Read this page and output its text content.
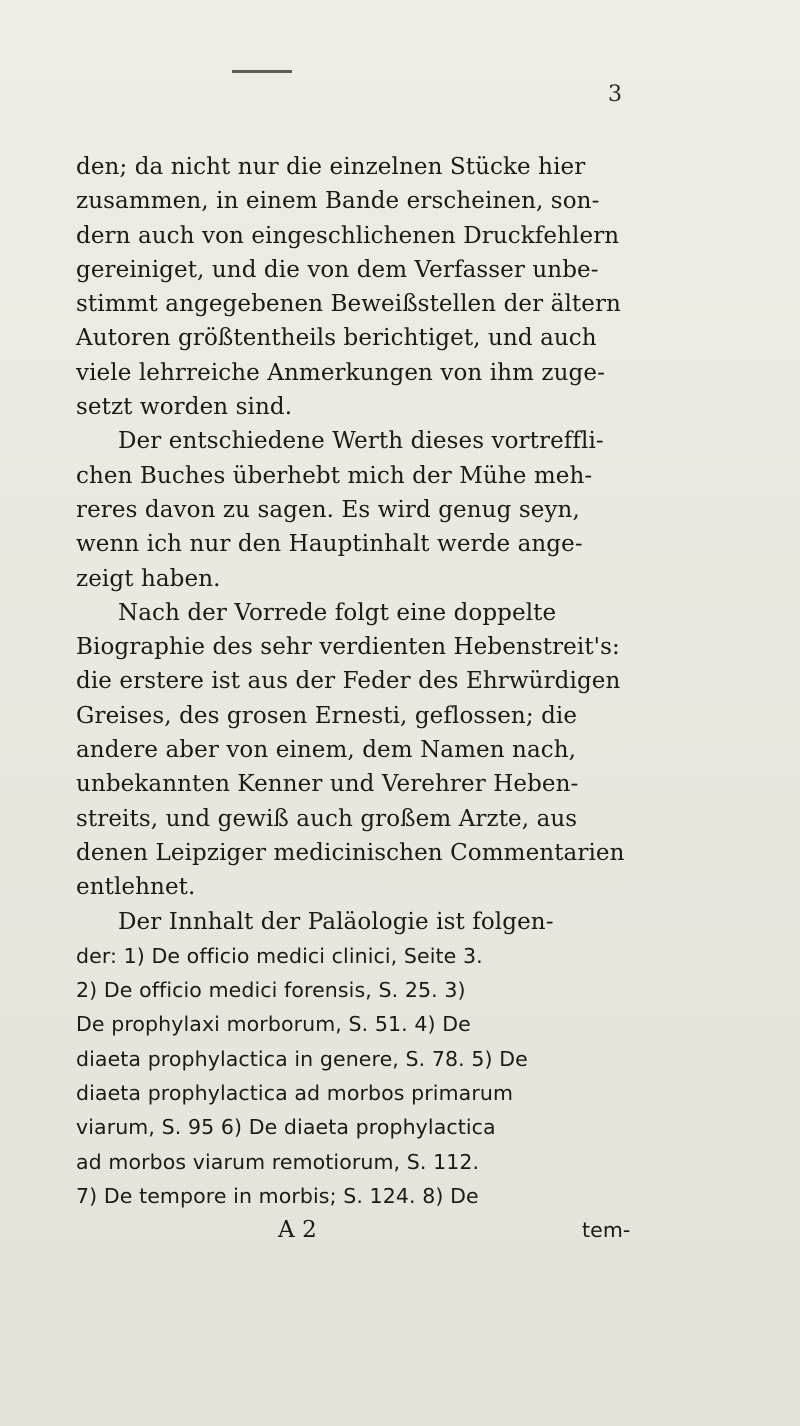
3
den; da nicht nur die einzelnen Stücke hier
zusammen, in einem Bande erscheinen, son-
dern auch von eingeschlichenen Druckfehlern
gereiniget, und die von dem Verfasser unbe-
stimmt angegebenen Beweißstellen der ältern
Autoren größtentheils berichtiget, und auch
viele lehrreiche Anmerkungen von ihm zuge-
setzt worden sind.
Der entschiedene Werth dieses vortreffli-
chen Buches überhebt mich der Mühe meh-
reres davon zu sagen. Es wird genug seyn,
wenn ich nur den Hauptinhalt werde ange-
zeigt haben.
Nach der Vorrede folgt eine doppelte
Biographie des sehr verdienten Hebenstreit's:
die erstere ist aus der Feder des Ehrwürdigen
Greises, des grosen Ernesti, geflossen; die
andere aber von einem, dem Namen nach,
unbekannten Kenner und Verehrer Heben-
streits, und gewiß auch großem Arzte, aus
denen Leipziger medicinischen Commentarien
entlehnet.
Der Innhalt der Paläologie ist folgen-
der: 1) De officio medici clinici, Seite 3.
2) De officio medici forensis, S. 25. 3)
De prophylaxi morborum, S. 51. 4) De
diaeta prophylactica in genere, S. 78. 5) De
diaeta prophylactica ad morbos primarum
viarum, S. 95 6) De diaeta prophylactica
ad morbos viarum remotiorum, S. 112.
7) De tempore in morbis; S. 124. 8) De
A 2	tem-
